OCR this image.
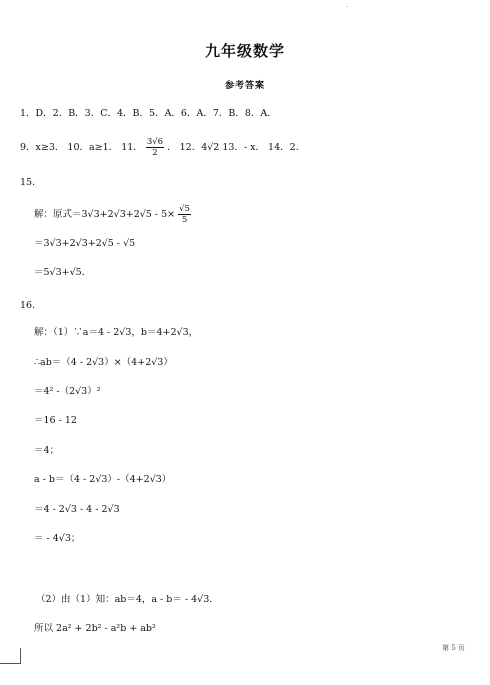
·
九年级数学
参考答案
1．D．2．B．3．C．4．B．5．A．6．A．7．B．8．A．
9．x≥3． 10．a≥1． 11． $\frac{3√6}{2}$ ． 12．4√2 13．- x． 14．2．
15．
解：原式$=3√3+2√3+2√5 - 5\times \frac{√5}{5}$
＝3√3+2√3+2√5 - √5
＝5√3+√5．
16．
解：（1）∵a＝4 - 2√3，b＝4+2√3，
∴ab＝（4 - 2√3）×（4+2√3）
＝4² -（2√3）²
＝16 - 12
＝4；
a - b＝（4 - 2√3）-（4+2√3）
＝4 - 2√3 - 4 - 2√3
＝ - 4√3；
（2）由（1）知：ab＝4，a - b＝ - 4√3．
所以 2a² + 2b² - a²b + ab²
第 5 页
